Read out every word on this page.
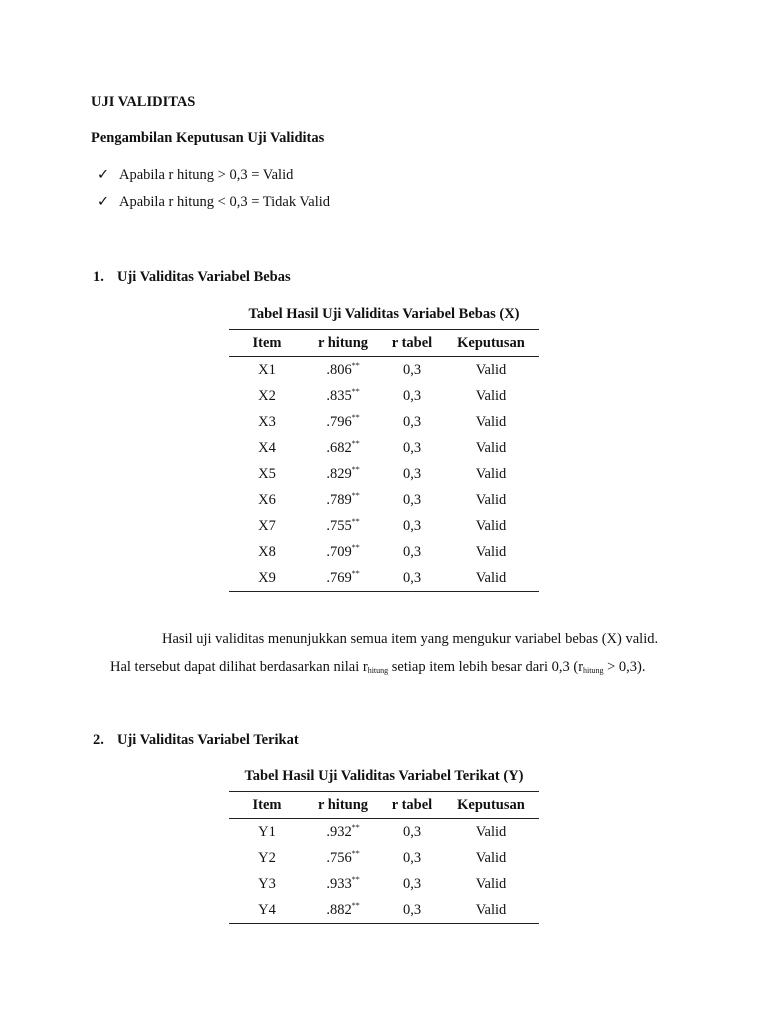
UJI VALIDITAS
Pengambilan Keputusan Uji Validitas
✓ Apabila r hitung > 0,3 = Valid
✓ Apabila r hitung < 0,3 = Tidak Valid
1. Uji Validitas Variabel Bebas
Tabel Hasil Uji Validitas Variabel Bebas (X)
Item	r hitung	r tabel	Keputusan
X1	.806**	0,3	Valid
X2	.835**	0,3	Valid
X3	.796**	0,3	Valid
X4	.682**	0,3	Valid
X5	.829**	0,3	Valid
X6	.789**	0,3	Valid
X7	.755**	0,3	Valid
X8	.709**	0,3	Valid
X9	.769**	0,3	Valid
Hasil uji validitas menunjukkan semua item yang mengukur variabel bebas (X) valid.
Hal tersebut dapat dilihat berdasarkan nilai $r_{hitung}$ setiap item lebih besar dari 0,3 $(r_{hitung} > 0,3)$.
2. Uji Validitas Variabel Terikat
Tabel Hasil Uji Validitas Variabel Terikat (Y)
Item	r hitung	r tabel	Keputusan
Y1	.932**	0,3	Valid
Y2	.756**	0,3	Valid
Y3	.933**	0,3	Valid
Y4	.882**	0,3	Valid
